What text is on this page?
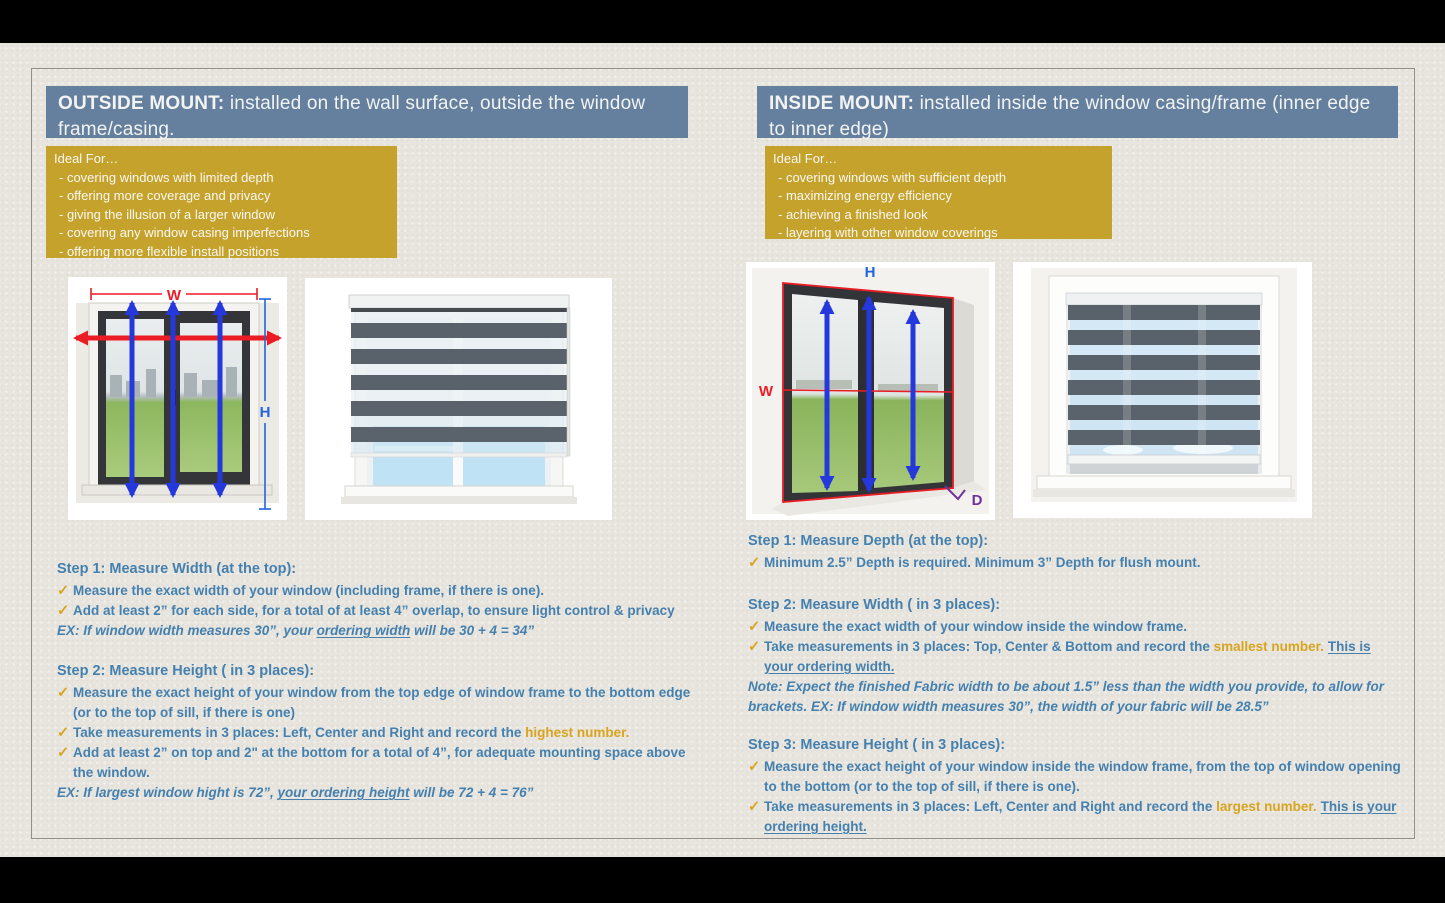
OUTSIDE MOUNT: installed on the wall surface, outside the window frame/casing.
Ideal For…
- covering windows with limited depth
- offering more coverage and privacy
- giving the illusion of a larger window
- covering any window casing imperfections
- offering more flexible install positions
W
H
Step 1: Measure Width (at the top):
✓ Measure the exact width of your window (including frame, if there is one).
✓ Add at least 2” for each side, for a total of at least 4” overlap, to ensure light control & privacy
EX: If window width measures 30”, your ordering width will be 30 + 4 = 34”
Step 2: Measure Height ( in 3 places):
✓ Measure the exact height of your window from the top edge of window frame to the bottom edge (or to the top of sill, if there is one)
✓ Take measurements in 3 places: Left, Center and Right and record the highest number.
✓ Add at least 2” on top and 2" at the bottom for a total of 4”, for adequate mounting space above the window.
EX: If largest window hight is 72”, your ordering height will be 72 + 4 = 76”
INSIDE MOUNT: installed inside the window casing/frame (inner edge to inner edge)
Ideal For…
- covering windows with sufficient depth
- maximizing energy efficiency
- achieving a finished look
- layering with other window coverings
W
H
D
Step 1: Measure Depth (at the top):
✓ Minimum 2.5” Depth is required. Minimum 3” Depth for flush mount.
Step 2: Measure Width ( in 3 places):
✓ Measure the exact width of your window inside the window frame.
✓ Take measurements in 3 places: Top, Center & Bottom and record the smallest number. This is your ordering width.
Note: Expect the finished Fabric width to be about 1.5” less than the width you provide, to allow for brackets. EX: If window width measures 30”, the width of your fabric will be 28.5”
Step 3: Measure Height ( in 3 places):
✓ Measure the exact height of your window inside the window frame, from the top of window opening to the bottom (or to the top of sill, if there is one).
✓ Take measurements in 3 places: Left, Center and Right and record the largest number. This is your ordering height.
